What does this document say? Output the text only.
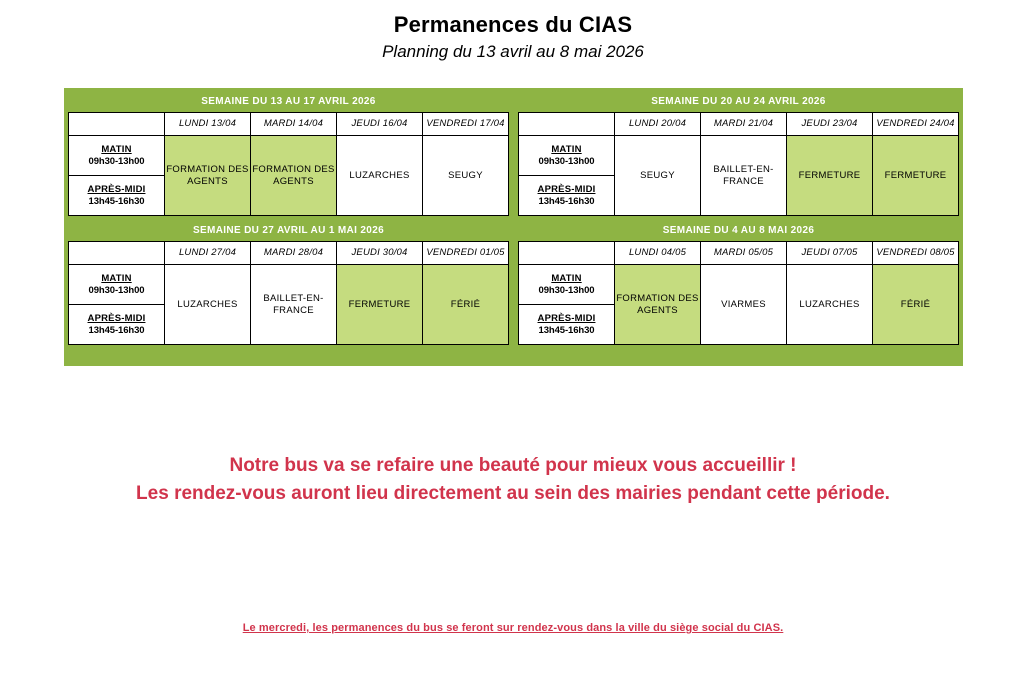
Permanences du CIAS
Planning du 13 avril au 8 mai 2026
SEMAINE DU 13 AU 17 AVRIL 2026
	LUNDI 13/04	MARDI 14/04	JEUDI 16/04	VENDREDI 17/04

MATIN
09h30-13h00	FORMATION DES AGENTS	FORMATION DES AGENTS	LUZARCHES	SEUGY

APRÈS-MIDI
13h45-16h30				
SEMAINE DU 20 AU 24 AVRIL 2026
	LUNDI 20/04	MARDI 21/04	JEUDI 23/04	VENDREDI 24/04

MATIN
09h30-13h00	SEUGY	BAILLET-EN-FRANCE	FERMETURE	FERMETURE

APRÈS-MIDI
13h45-16h30				
SEMAINE DU 27 AVRIL AU 1 MAI 2026
	LUNDI 27/04	MARDI 28/04	JEUDI 30/04	VENDREDI 01/05

MATIN
09h30-13h00	LUZARCHES	BAILLET-EN-FRANCE	FERMETURE	FÉRIÉ

APRÈS-MIDI
13h45-16h30				
SEMAINE DU 4 AU 8 MAI 2026
	LUNDI 04/05	MARDI 05/05	JEUDI 07/05	VENDREDI 08/05

MATIN
09h30-13h00	FORMATION DES AGENTS	VIARMES	LUZARCHES	FÉRIÉ

APRÈS-MIDI
13h45-16h30				
Notre bus va se refaire une beauté pour mieux vous accueillir !
Les rendez-vous auront lieu directement au sein des mairies pendant cette période.
Le mercredi, les permanences du bus se feront sur rendez-vous dans la ville du siège social du CIAS.
